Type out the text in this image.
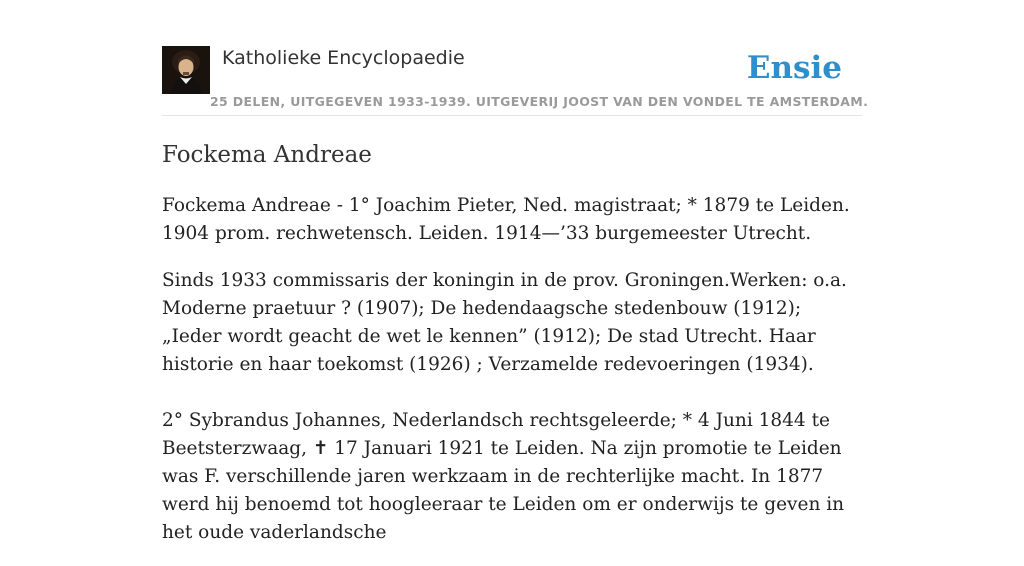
Katholieke Encyclopaedie	Ensie
25 DELEN, UITGEGEVEN 1933-1939. UITGEVERIJ JOOST VAN DEN VONDEL TE AMSTERDAM.
Fockema Andreae

Fockema Andreae - 1° Joachim Pieter, Ned. magistraat; * 1879 te Leiden. 1904 prom. rechwetensch. Leiden. 1914—’33 burgemeester Utrecht.

Sinds 1933 commissaris der koningin in de prov. Groningen.Werken: o.a. Moderne praetuur ? (1907); De hedendaagsche stedenbouw (1912); „Ieder wordt geacht de wet le kennen” (1912); De stad Utrecht. Haar historie en haar toekomst (1926) ; Verzamelde redevoeringen (1934).

2° Sybrandus Johannes, Nederlandsch rechtsgeleerde; * 4 Juni 1844 te Beetsterzwaag, ✝ 17 Januari 1921 te Leiden. Na zijn promotie te Leiden was F. verschillende jaren werkzaam in de rechterlijke macht. In 1877 werd hij benoemd tot hoogleeraar te Leiden om er onderwijs te geven in het oude vaderlandsche
